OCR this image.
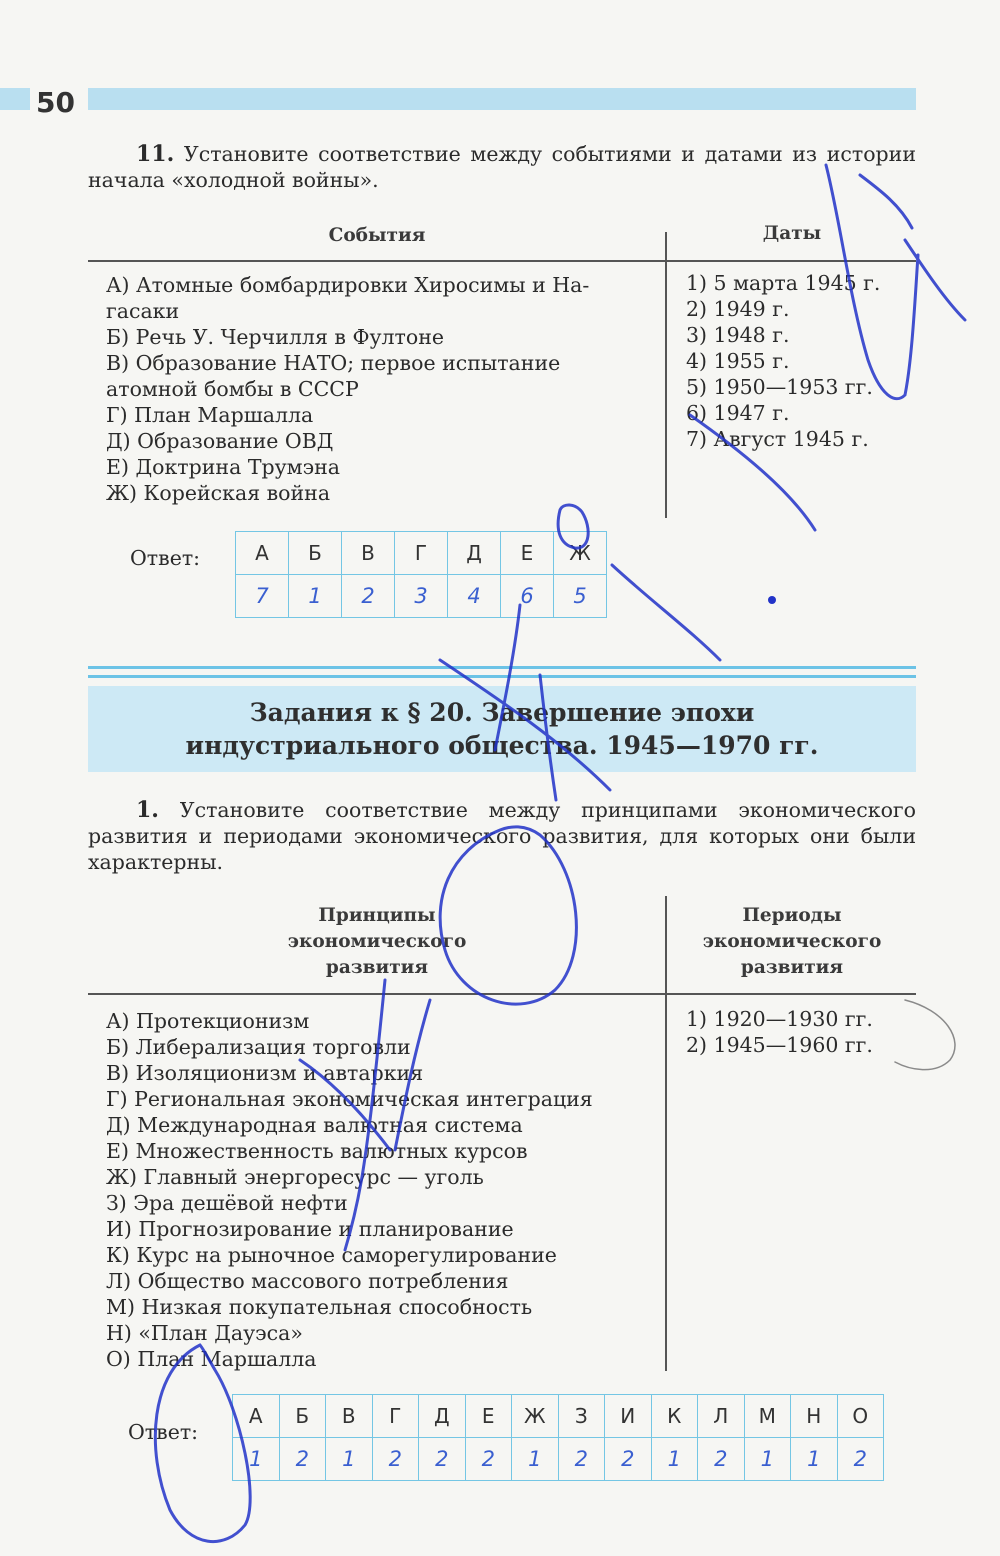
50
11. Установите соответствие между событиями и датами из истории начала «холодной войны».
События	Даты
А) Атомные бомбардировки Хиросимы и На-
гасаки
Б) Речь У. Черчилля в Фултоне
В) Образование НАТО; первое испытание
атомной бомбы в СССР
Г) План Маршалла
Д) Образование ОВД
Е) Доктрина Трумэна
Ж) Корейская война
1) 5 марта 1945 г.
2) 1949 г.
3) 1948 г.
4) 1955 г.
5) 1950—1953 гг.
6) 1947 г.
7) Август 1945 г.
Ответ:	А	Б	В	Г	Д	Е	Ж
7	1	2	3	4	6	5
Задания к § 20. Завершение эпохи
индустриального общества. 1945—1970 гг.
1. Установите соответствие между принципами экономического развития и периодами экономического развития, для которых они были характерны.
Принципы
экономического
развития
Периоды
экономического
развития
А) Протекционизм
Б) Либерализация торговли
В) Изоляционизм и автаркия
Г) Региональная экономическая интеграция
Д) Международная валютная система
Е) Множественность валютных курсов
Ж) Главный энергоресурс — уголь
З) Эра дешёвой нефти
И) Прогнозирование и планирование
К) Курс на рыночное саморегулирование
Л) Общество массового потребления
М) Низкая покупательная способность
Н) «План Дауэса»
О) План Маршалла
1) 1920—1930 гг.
2) 1945—1960 гг.
Ответ:
А	Б	В	Г	Д	Е	Ж	З	И	К	Л	М	Н	О
1	2	1	2	2	2	1	2	2	1	2	1	1	2
